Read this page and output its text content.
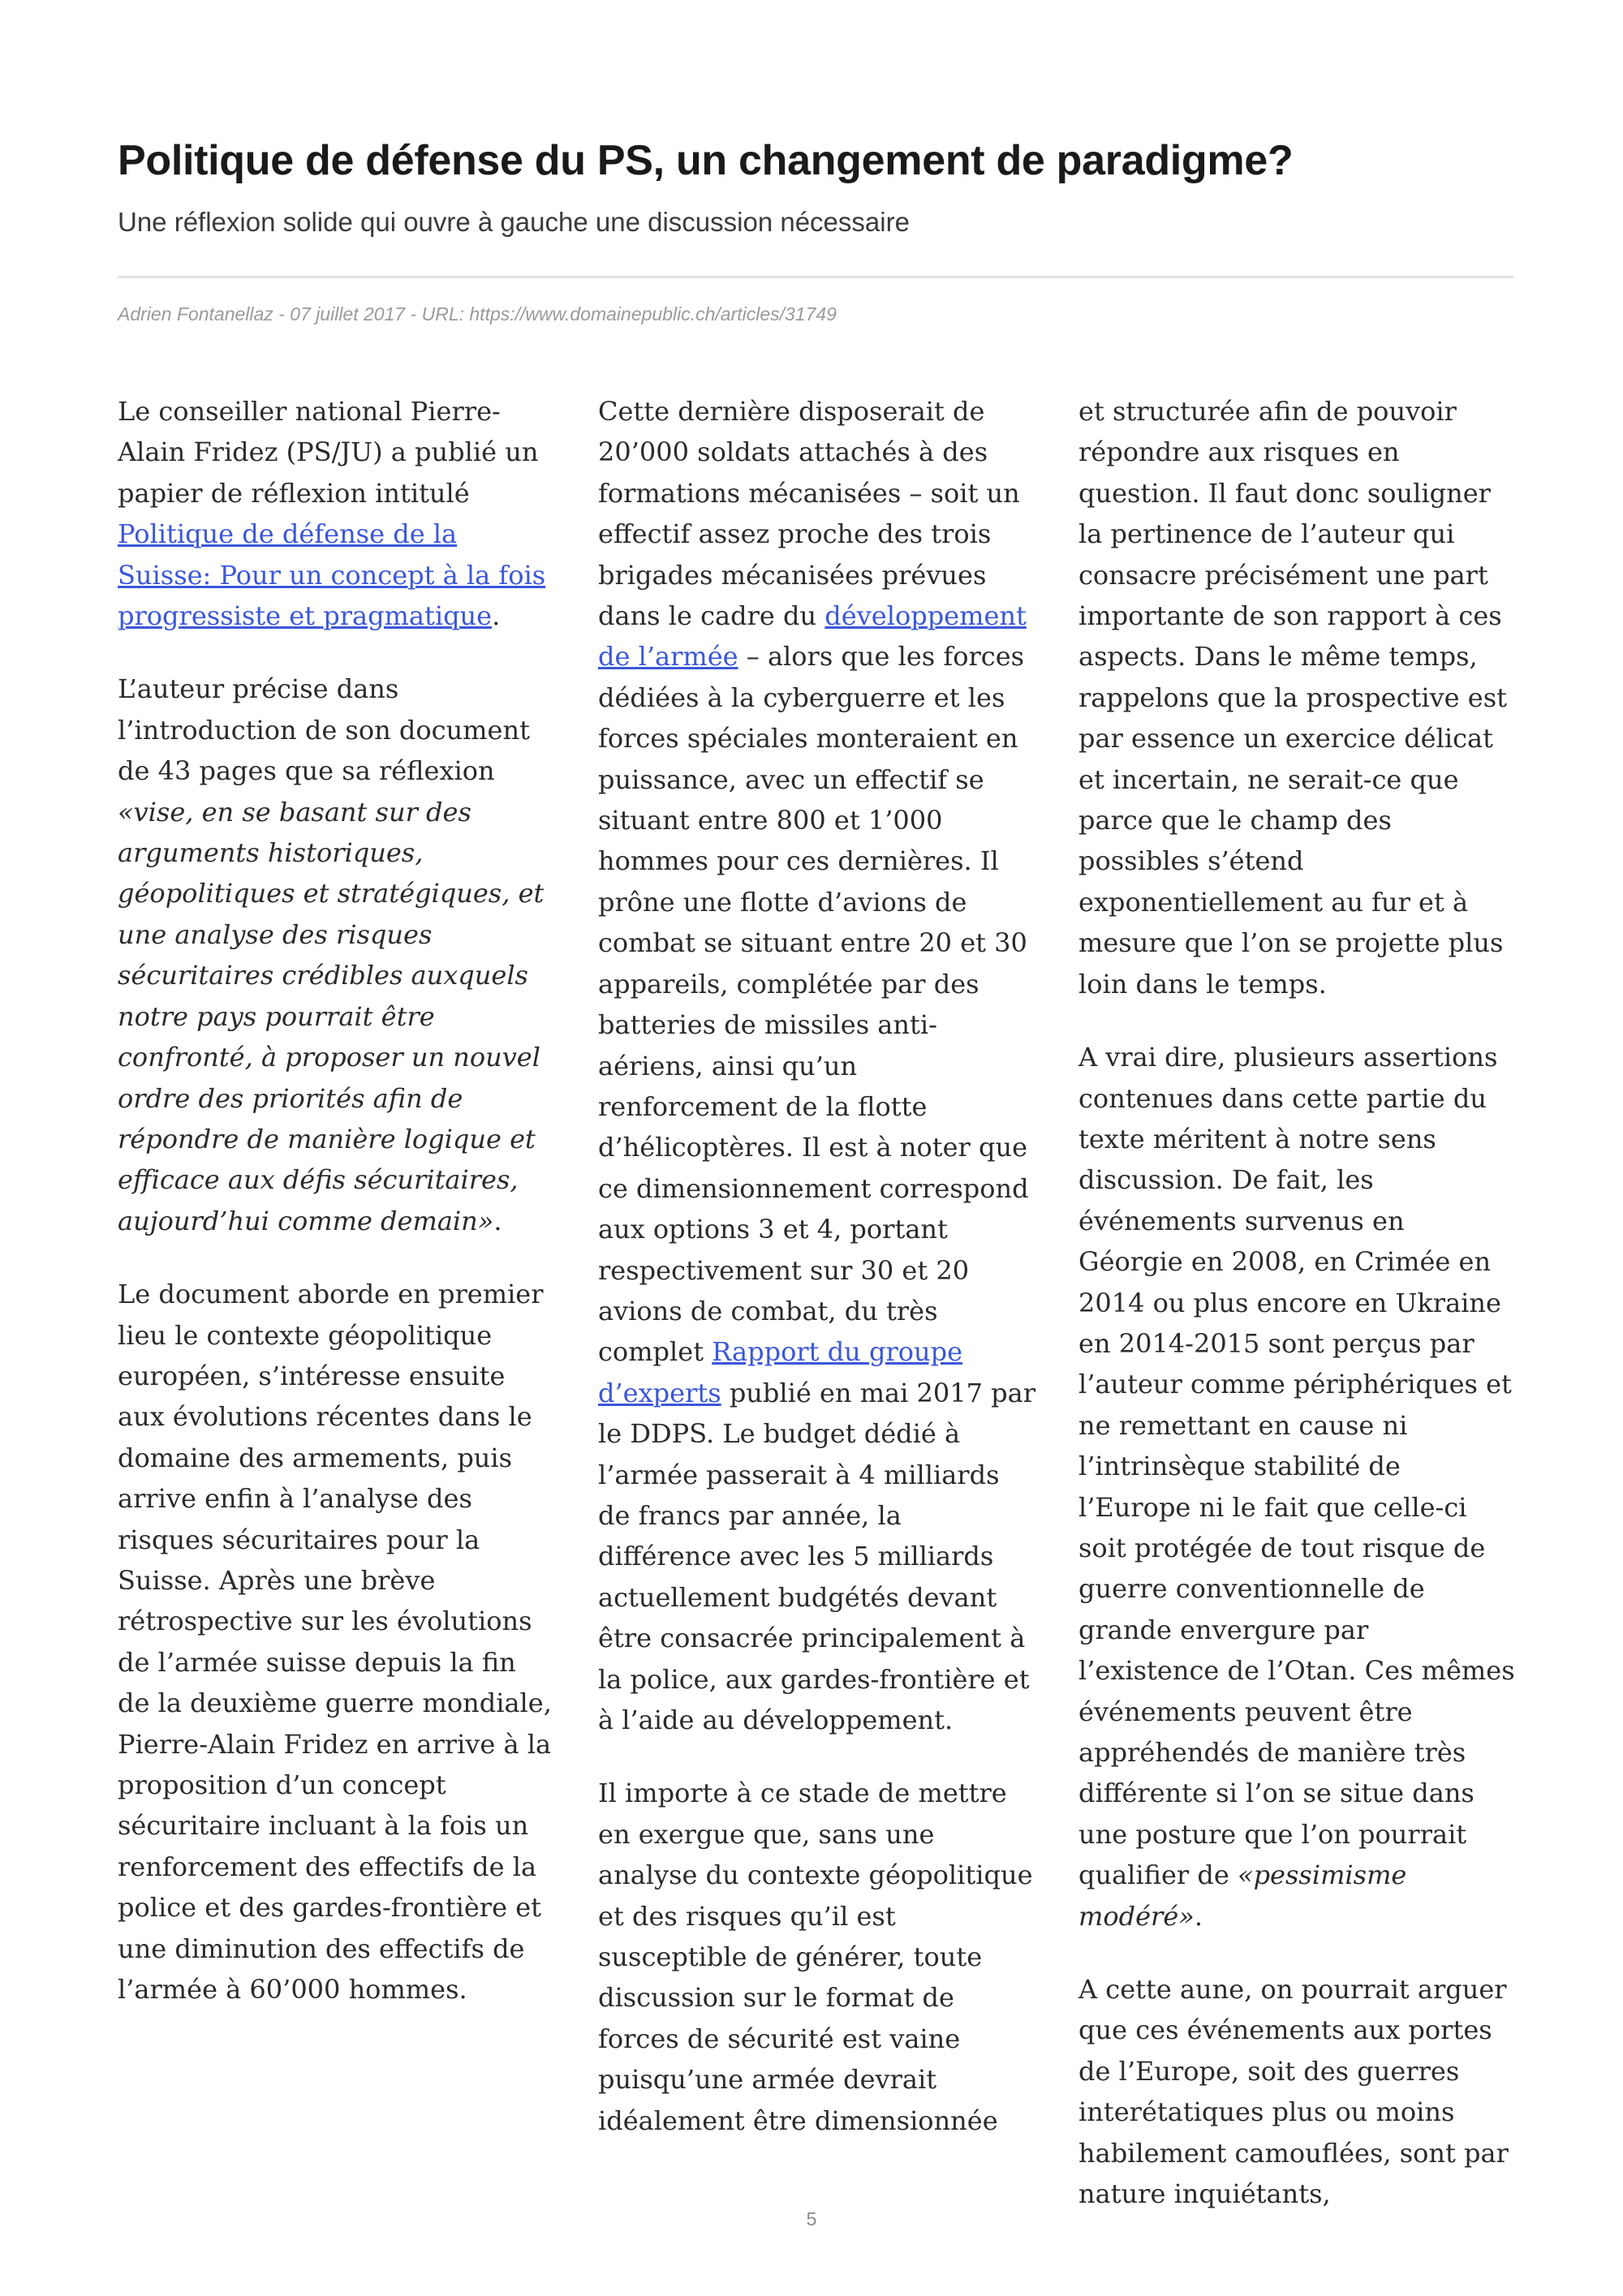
Politique de défense du PS, un changement de paradigme?
Une réflexion solide qui ouvre à gauche une discussion nécessaire
Adrien Fontanellaz - 07 juillet 2017 - URL: https://www.domainepublic.ch/articles/31749

Le conseiller national Pierre-Alain Fridez (PS/JU) a publié un papier de réflexion intitulé Politique de défense de la Suisse: Pour un concept à la fois progressiste et pragmatique.

L’auteur précise dans l’introduction de son document de 43 pages que sa réflexion «vise, en se basant sur des arguments historiques, géopolitiques et stratégiques, et une analyse des risques sécuritaires crédibles auxquels notre pays pourrait être confronté, à proposer un nouvel ordre des priorités afin de répondre de manière logique et efficace aux défis sécuritaires, aujourd’hui comme demain».

Le document aborde en premier lieu le contexte géopolitique européen, s’intéresse ensuite aux évolutions récentes dans le domaine des armements, puis arrive enfin à l’analyse des risques sécuritaires pour la Suisse. Après une brève rétrospective sur les évolutions de l’armée suisse depuis la fin de la deuxième guerre mondiale, Pierre-Alain Fridez en arrive à la proposition d’un concept sécuritaire incluant à la fois un renforcement des effectifs de la police et des gardes-frontière et une diminution des effectifs de l’armée à 60’000 hommes.

Cette dernière disposerait de 20’000 soldats attachés à des formations mécanisées – soit un effectif assez proche des trois brigades mécanisées prévues dans le cadre du développement de l’armée – alors que les forces dédiées à la cyberguerre et les forces spéciales monteraient en puissance, avec un effectif se situant entre 800 et 1’000 hommes pour ces dernières. Il prône une flotte d’avions de combat se situant entre 20 et 30 appareils, complétée par des batteries de missiles anti-aériens, ainsi qu’un renforcement de la flotte d’hélicoptères. Il est à noter que ce dimensionnement correspond aux options 3 et 4, portant respectivement sur 30 et 20 avions de combat, du très complet Rapport du groupe d’experts publié en mai 2017 par le DDPS. Le budget dédié à l’armée passerait à 4 milliards de francs par année, la différence avec les 5 milliards actuellement budgétés devant être consacrée principalement à la police, aux gardes-frontière et à l’aide au développement.

Il importe à ce stade de mettre en exergue que, sans une analyse du contexte géopolitique et des risques qu’il est susceptible de générer, toute discussion sur le format de forces de sécurité est vaine puisqu’une armée devrait idéalement être dimensionnée

et structurée afin de pouvoir répondre aux risques en question. Il faut donc souligner la pertinence de l’auteur qui consacre précisément une part importante de son rapport à ces aspects. Dans le même temps, rappelons que la prospective est par essence un exercice délicat et incertain, ne serait-ce que parce que le champ des possibles s’étend exponentiellement au fur et à mesure que l’on se projette plus loin dans le temps.

A vrai dire, plusieurs assertions contenues dans cette partie du texte méritent à notre sens discussion. De fait, les événements survenus en Géorgie en 2008, en Crimée en 2014 ou plus encore en Ukraine en 2014-2015 sont perçus par l’auteur comme périphériques et ne remettant en cause ni l’intrinsèque stabilité de l’Europe ni le fait que celle-ci soit protégée de tout risque de guerre conventionnelle de grande envergure par l’existence de l’Otan. Ces mêmes événements peuvent être appréhendés de manière très différente si l’on se situe dans une posture que l’on pourrait qualifier de «pessimisme modéré».

A cette aune, on pourrait arguer que ces événements aux portes de l’Europe, soit des guerres interétatiques plus ou moins habilement camouflées, sont par nature inquiétants,

5
